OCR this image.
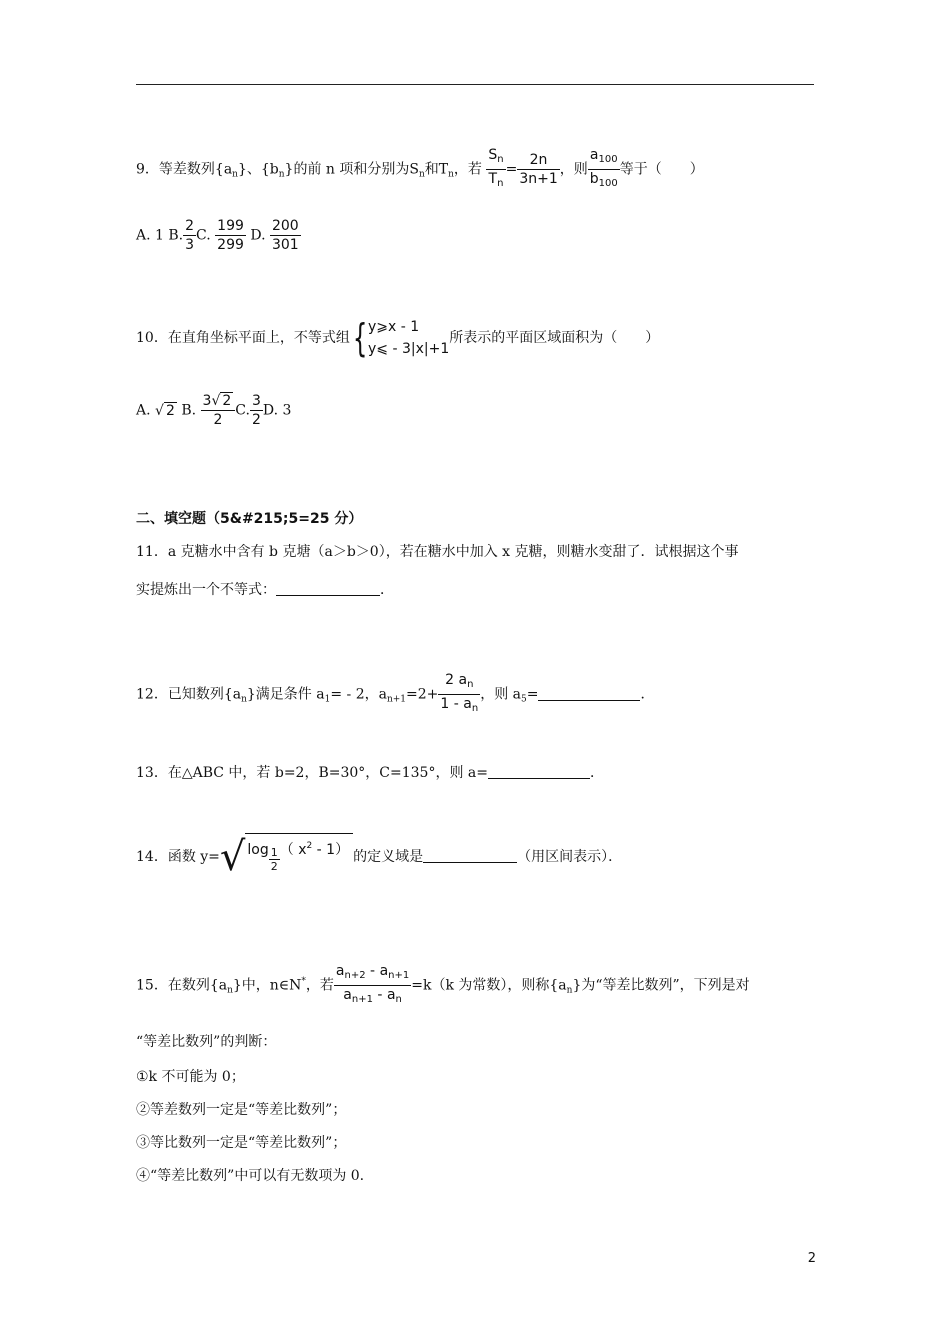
9．等差数列$\{a_n\}$、$\{b_n\}$的前 n 项和分别为$S_n$和$T_n$，若 $\frac{S_n}{T_n} = \frac{2n}{3n+1}$ ，则 $\frac{a_{100}}{b_{100}}$ 等于（　　）
A. 1 B. $\frac{2}{3} C$. $\frac{199}{299} D$. $\frac{200}{301}$
10．在直角坐标平面上，不等式组{ y⩾x - 1
y⩽ - 3|x|+1
所表示的平面区域面积为（　　）
A. √ 2 B. $\frac{3√ 2}{2} C$. $\frac{3}{2} D$. 3
二、填空题（5&#215;5=25 分）
11．a 克糖水中含有 b 克塘（a＞b＞0），若在糖水中加入 x 克糖，则糖水变甜了．试根据这个事
实提炼出一个不等式：	．
12．已知数列$\{a_n\}$满足条件 $a_1= - 2$，$a_{n+1}=2+ \frac{2 a_n}{1 - a_n}$ ，则 $a_5=$	．
13．在△ABC 中，若 b=2，B=30°，C=135°，则 a=	．
14．函数 y=√ $\log \frac{1}{2}$ （ $x^2 - 1$） 的定义域是	（用区间表示）．
15．在数列$\{a_n\}$中，n∈N*，若 $\frac{a_{n+2} - a_{n+1}}{a_{n+1} - a_n} =k(k$ 为常数），则称$\{a_n\}$为“等差比数列”，下列是对
“等差比数列”的判断：
①k 不可能为 0；
②等差数列一定是“等差比数列”；
③等比数列一定是“等差比数列”；
④“等差比数列”中可以有无数项为 0.
2
